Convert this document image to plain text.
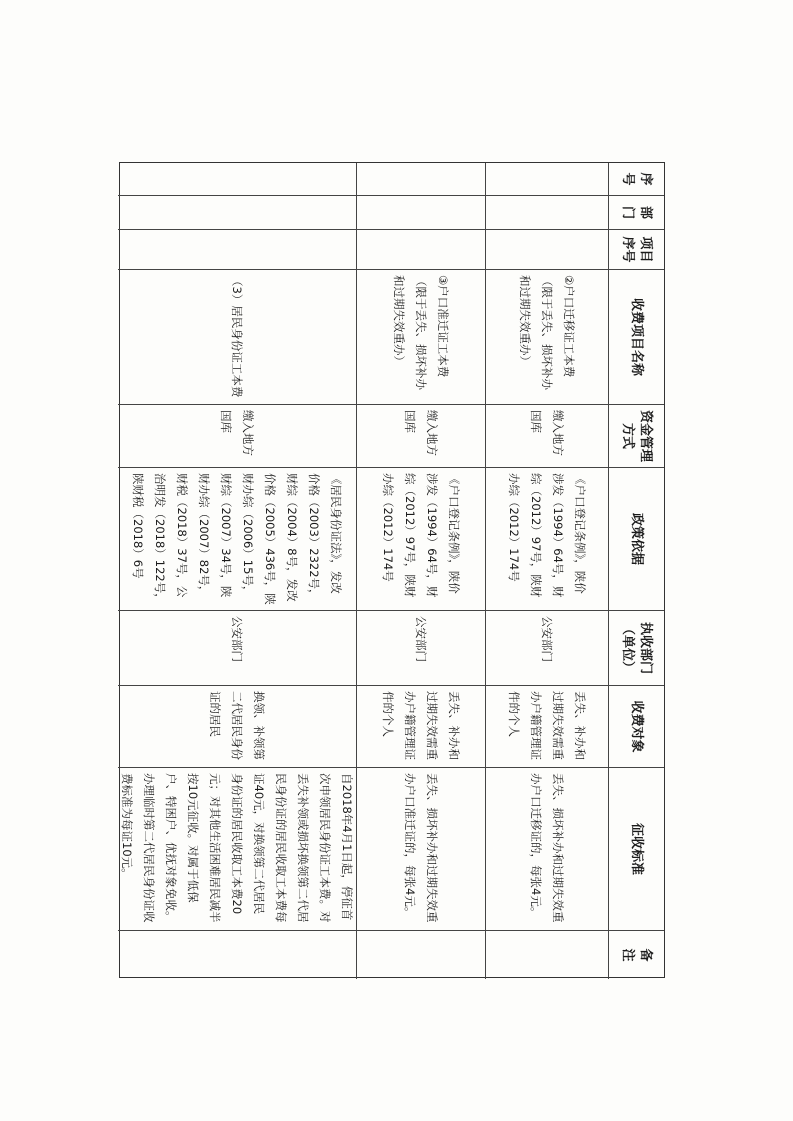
序号
部门
项目序号
收费项目名称
资金管理方式
政策依据
执收部门（单位）
收费对象
征收标准
备　注
②户口迁移证工本费（限于丢失、损坏补办和过期失效重办）
缴入地方国库
《户口登记条例》，陕价涉发（1994）64号，财综（2012）97号，陕财办综（2012）174号
公安部门
丢失、补办和过期失效需重办户籍管理证件的个人
丢失、损坏补办和过期失效重办户口迁移证的，每张4元。
③户口准迁证工本费（限于丢失、损坏补办和过期失效重办）
缴入地方国库
《户口登记条例》，陕价涉发（1994）64号，财综（2012）97号，陕财办综（2012）174号
公安部门
丢失、补办和过期失效需重办户籍管理证件的个人
丢失、损坏补办和过期失效重办户口准迁证的，每张4元。
（3）居民身份证工本费
缴入地方国库
《居民身份证法》，发改价格（2003）2322号，财综（2004）8号，发改价格（2005）436号，陕财办综（2006）15号，财综（2007）34号，陕财办综（2007）82号，财税（2018）37号，公治明发（2018）122号，陕财税（2018）6号
公安部门
换领、补领第二代居民身份证的居民
自2018年4月1日起，停征首次申领居民身份证工本费。对丢失补领或损坏换领第二代居民身份证的居民收取工本费每证40元，对换领第二代居民身份证的居民收取工本费20元；对其他生活困难居民减半按10元征收。对属于低保户、特困户、优抚对象免收。办理临时第二代居民身份证收费标准为每证10元。
